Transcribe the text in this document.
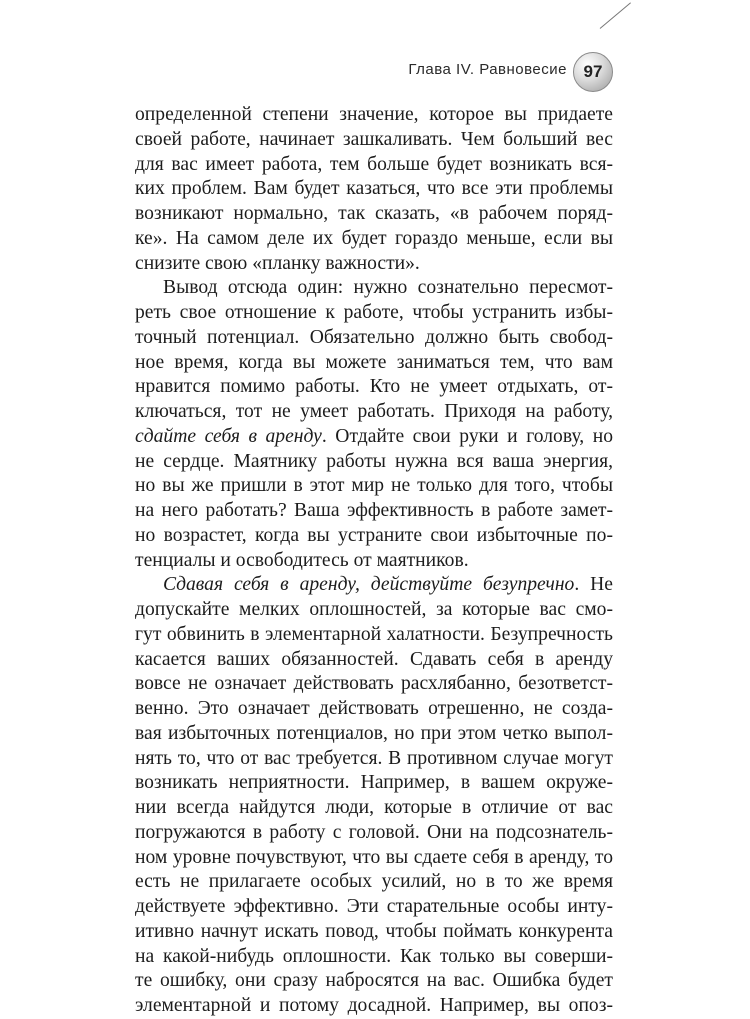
Глава IV. Равновесие 97
определенной степени значение, которое вы придаете
своей работе, начинает зашкаливать. Чем больший вес
для вас имеет работа, тем больше будет возникать вся-
ких проблем. Вам будет казаться, что все эти проблемы
возникают нормально, так сказать, «в рабочем поряд-
ке». На самом деле их будет гораздо меньше, если вы
снизите свою «планку важности».
Вывод отсюда один: нужно сознательно пересмот-
реть свое отношение к работе, чтобы устранить избы-
точный потенциал. Обязательно должно быть свобод-
ное время, когда вы можете заниматься тем, что вам
нравится помимо работы. Кто не умеет отдыхать, от-
ключаться, тот не умеет работать. Приходя на работу,
сдайте себя в аренду. Отдайте свои руки и голову, но
не сердце. Маятнику работы нужна вся ваша энергия,
но вы же пришли в этот мир не только для того, чтобы
на него работать? Ваша эффективность в работе замет-
но возрастет, когда вы устраните свои избыточные по-
тенциалы и освободитесь от маятников.
Сдавая себя в аренду, действуйте безупречно. Не
допускайте мелких оплошностей, за которые вас смо-
гут обвинить в элементарной халатности. Безупречность
касается ваших обязанностей. Сдавать себя в аренду
вовсе не означает действовать расхлябанно, безответст-
венно. Это означает действовать отрешенно, не созда-
вая избыточных потенциалов, но при этом четко выпол-
нять то, что от вас требуется. В противном случае могут
возникать неприятности. Например, в вашем окруже-
нии всегда найдутся люди, которые в отличие от вас
погружаются в работу с головой. Они на подсознатель-
ном уровне почувствуют, что вы сдаете себя в аренду, то
есть не прилагаете особых усилий, но в то же время
действуете эффективно. Эти старательные особы инту-
итивно начнут искать повод, чтобы поймать конкурента
на какой-нибудь оплошности. Как только вы соверши-
те ошибку, они сразу набросятся на вас. Ошибка будет
элементарной и потому досадной. Например, вы опоз-
